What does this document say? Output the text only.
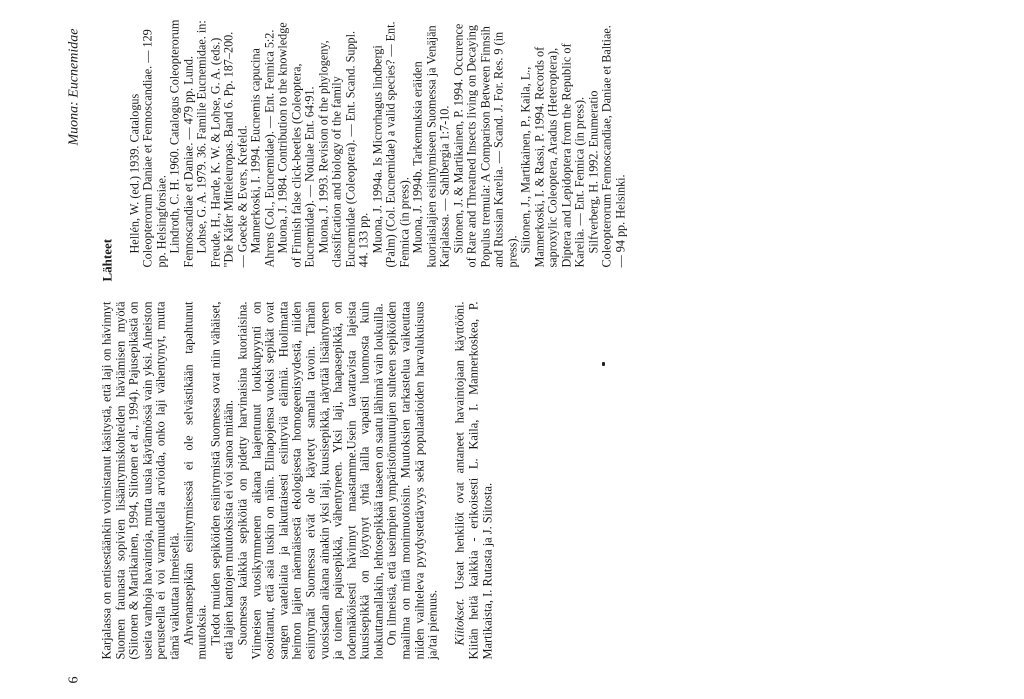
6
Muona: Eucnemidae

Karjalassa on entisestäänkin voimistanut käsitystä, että laji on hävinnyt Suomen faunasta sopivien lisääntymiskohteiden häviämisen myötä (Siitonen & Martikainen, 1994, Siitonen et al., 1994). Pajusepikästä on useita vanhoja havaintoja, mutta uusia käytännössä vain yksi. Aineiston perusteella ei voi varmuudella arvioida, onko laji vähentynyt, mutta tämä vaikuttaa ilmeiseltä. Ahvenansepikän esiintymisessä ei ole selvästikään tapahtunut muutoksia. Tiedot muiden sepiköiden esiintymistä Suomessa ovat niin vähäiset, että lajien kantojen muutoksista ei voi sanoa mitään. Suomessa kaikkia sepiköitä on pidetty harvinaisina kuoriaisina. Viimeisen vuosikymmenen aikana laajentunut loukkupyynti on osoittanut, että asia tuskin on näin. Elinapojensa vuoksi sepikät ovat sangen vaateliaita ja laikuttaisesti esiintyviä eläimiä. Huolimatta heimon lajien näennäisestä ekologisesta homogeenisyydestä, niiden esiintymät Suomessa eivät ole käytetyt samalla tavoin. Tämän vuosisadan aikana ainakin yksi laji, kuusisepikkä, näyttää lisääntyneen ja toinen, pajusepikkä, vähentyneen. Yksi laji, haapasepikkä, on todennäköisesti hävinnyt maastamme.Usein tavattavista lajeista kuusisepikkä on löytynyt yhtä lailla vapaisti luonnosta kuin loukuttamallakin, lehtosepikkää taaseen on saatu lähinnä vain loukuilla. On ilmeistä, että useimpien ympäristömuutujien suhteen sepiköiden maailma on mitä monimuotoisin. Muutoksien tarkastelua vaikeuttaa niiden vaihteleva pyydystettävyys sekä populaatioiden harvalukuisuus ja/tai pienuus. Kiitokset. Useat henkilöt ovat antaneet havaintojaan käyttööni. Kiitän heitä kaikkia - erikoisesti L. Kaila, I. Mannerkoskea, P. Martikaista, I. Rutasta ja J. Siitosta.

Lähteet

Hellén, W. (ed.) 1939. Catalogus Coleopterorum Daniae et Fennoscandiae. — 129 pp. Helsingforsiae. Lindroth, C. H. 1960. Catalogus Coleopterorum Fennoscandiae et Daniae. — 479 pp. Lund. Lohse, G. A. 1979. 36. Familie Eucnemidae. in: Freude, H., Harde, K. W. & Lohse, G. A. (eds.) "Die Käfer Mitteleuropas. Band 6. Pp. 187–200. — Goecke & Evers, Krefeld. Mannerkoski, I. 1994. Eucnemis capucina Ahrens (Col., Eucnemidae). — Ent. Fennica 5:2. Muona, J. 1984. Contribution to the knowledge of Finnish false click-beetles (Coleoptera, Eucnemidae). — Notulae Ent. 64:91. Muona, J. 1993. Revision of the phylogeny, classification and biology of the family Eucnemidae (Coleoptera). — Ent. Scand. Suppl. 44. 133 pp. Muona, J. 1994a. Is Microrhagus lindbergi (Palm) (Col. Eucnemidae) a valid species? — Ent. Fennica (in press). Muona, J. 1994b. Tarkennuksia eräiden kuoriaislajien esiintymiseen Suomessa ja Venäjän Karjalassa. — Sahlbergia 1:7-10. Siitonen, J. & Martikainen, P. 1994. Occurence of Rare and Threatned Insects living on Decaying Populus tremula: A Comparison Between Finnsih and Russian Karelia. — Scand. J. For. Res. 9 (in press). Siitonen, J., Martikainen, P., Kaila, L., Mannerkoski, I. & Rassi, P. 1994. Records of saproxylic Coleoptera, Aradus (Heteroptera), Diptera and Lepidoptera from the Republic of Karelia. — Ent. Fennica (in press). Silfverberg, H. 1992. Enumeratio Coleopterorum Fennoscandiae, Daniae et Baltiae. — 94 pp. Helsinki.
